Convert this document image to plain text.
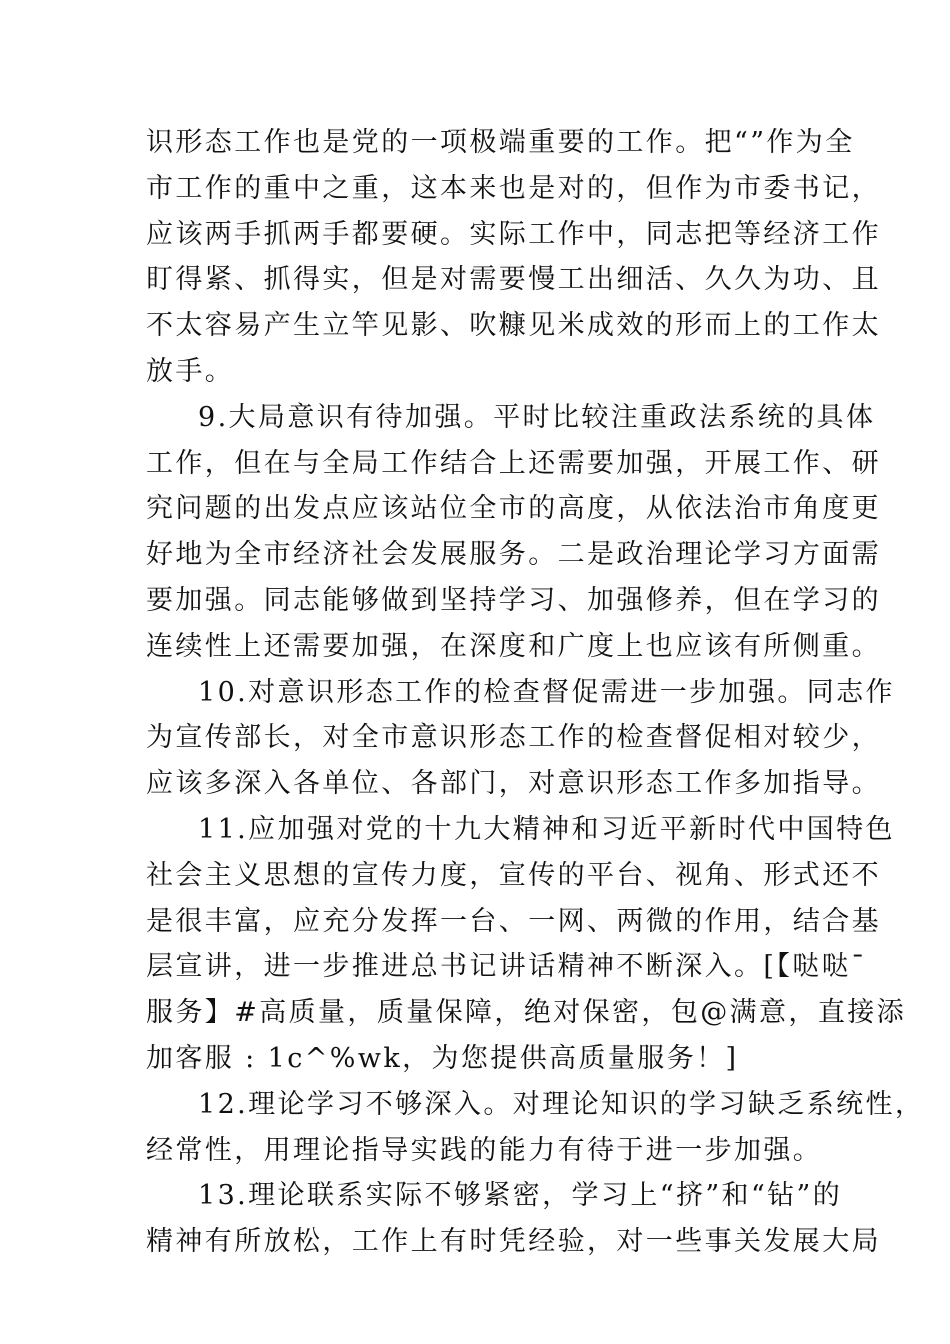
识形态工作也是党的一项极端重要的工作。把“”作为全
市工作的重中之重，这本来也是对的，但作为市委书记，
应该两手抓两手都要硬。实际工作中，同志把等经济工作
盯得紧、抓得实，但是对需要慢工出细活、久久为功、且
不太容易产生立竿见影、吹糠见米成效的形而上的工作太
放手。
9.大局意识有待加强。平时比较注重政法系统的具体
工作，但在与全局工作结合上还需要加强，开展工作、研
究问题的出发点应该站位全市的高度，从依法治市角度更
好地为全市经济社会发展服务。二是政治理论学习方面需
要加强。同志能够做到坚持学习、加强修养，但在学习的
连续性上还需要加强，在深度和广度上也应该有所侧重。
10.对意识形态工作的检查督促需进一步加强。同志作
为宣传部长，对全市意识形态工作的检查督促相对较少，
应该多深入各单位、各部门，对意识形态工作多加指导。
11.应加强对党的十九大精神和习近平新时代中国特色
社会主义思想的宣传力度，宣传的平台、视角、形式还不
是很丰富，应充分发挥一台、一网、两微的作用，结合基
层宣讲，进一步推进总书记讲话精神不断深入。[【哒哒¯
服务】#高质量，质量保障，绝对保密，包@满意，直接添
加客服 : 1c^%wk，为您提供高质量服务！]
12.理论学习不够深入。对理论知识的学习缺乏系统性，
经常性，用理论指导实践的能力有待于进一步加强。
13.理论联系实际不够紧密，学习上“挤”和“钻”的
精神有所放松，工作上有时凭经验，对一些事关发展大局
